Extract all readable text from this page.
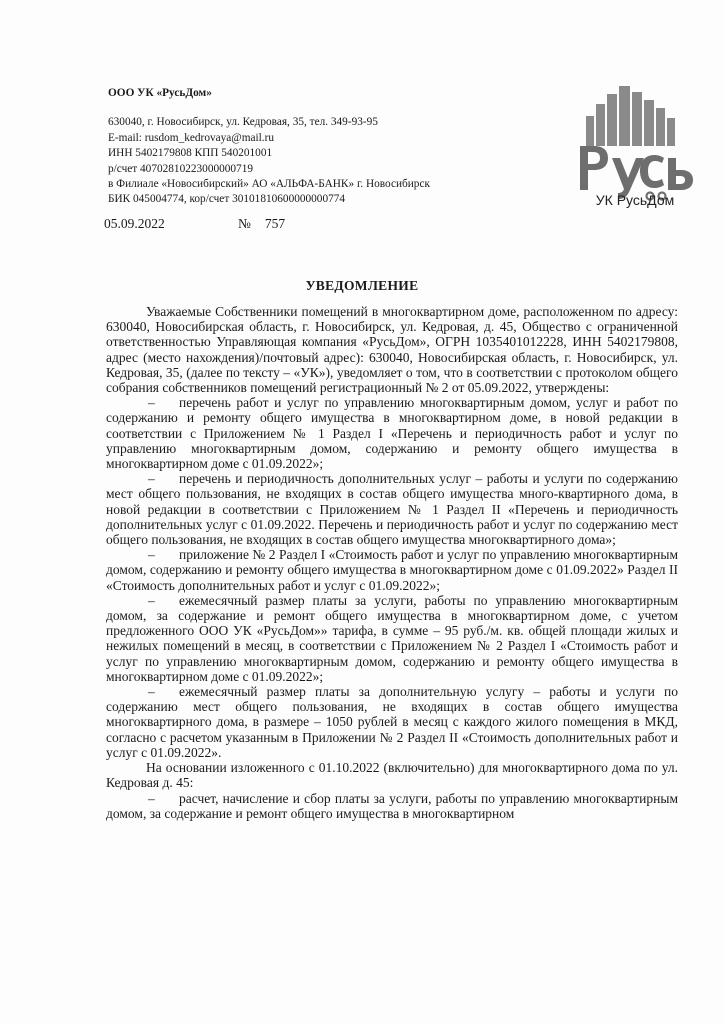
ООО УК «РусьДом»
630040, г. Новосибирск, ул. Кедровая, 35, тел. 349-93-95
E-mail: rusdom_kedrovaya@mail.ru
ИНН 5402179808 КПП 540201001
р/счет 40702810223000000719
в Филиале «Новосибирский» АО «АЛЬФА-БАНК» г. Новосибирск
БИК 045004774, кор/счет 30101810600000000774	УК РусьДом
05.09.2022	№ 757
УВЕДОМЛЕНИЕ

Уважаемые Собственники помещений в многоквартирном доме, расположенном по адресу: 630040, Новосибирская область, г. Новосибирск, ул. Кедровая, д. 45, Общество с ограниченной ответственностью Управляющая компания «РусьДом», ОГРН 1035401012228, ИНН 5402179808, адрес (место нахождения)/почтовый адрес): 630040, Новосибирская область, г. Новосибирск, ул. Кедровая, 35, (далее по тексту – «УК»), уведомляет о том, что в соответствии с протоколом общего собрания собственников помещений регистрационный № 2 от 05.09.2022, утверждены:

– перечень работ и услуг по управлению многоквартирным домом, услуг и работ по содержанию и ремонту общего имущества в многоквартирном доме, в новой редакции в соответствии с Приложением № 1 Раздел I «Перечень и периодичность работ и услуг по управлению многоквартирным домом, содержанию и ремонту общего имущества в многоквартирном доме с 01.09.2022»;

– перечень и периодичность дополнительных услуг – работы и услуги по содержанию мест общего пользования, не входящих в состав общего имущества много-квартирного дома, в новой редакции в соответствии с Приложением № 1 Раздел II «Перечень и периодичность дополнительных услуг с 01.09.2022. Перечень и периодичность работ и услуг по содержанию мест общего пользования, не входящих в состав общего имущества многоквартирного дома»;

– приложение № 2 Раздел I «Стоимость работ и услуг по управлению многоквартирным домом, содержанию и ремонту общего имущества в многоквартирном доме с 01.09.2022» Раздел II «Стоимость дополнительных работ и услуг с 01.09.2022»;

– ежемесячный размер платы за услуги, работы по управлению многоквартирным домом, за содержание и ремонт общего имущества в многоквартирном доме, с учетом предложенного ООО УК «РусьДом»» тарифа, в сумме – 95 руб./м. кв. общей площади жилых и нежилых помещений в месяц, в соответствии с Приложением № 2 Раздел I «Стоимость работ и услуг по управлению многоквартирным домом, содержанию и ремонту общего имущества в многоквартирном доме с 01.09.2022»;

– ежемесячный размер платы за дополнительную услугу – работы и услуги по содержанию мест общего пользования, не входящих в состав общего имущества многоквартирного дома, в размере – 1050 рублей в месяц с каждого жилого помещения в МКД, согласно с расчетом указанным в Приложении № 2 Раздел II «Стоимость дополнительных работ и услуг с 01.09.2022».

На основании изложенного с 01.10.2022 (включительно) для многоквартирного дома по ул. Кедровая д. 45:

– расчет, начисление и сбор платы за услуги, работы по управлению многоквартирным домом, за содержание и ремонт общего имущества в многоквартирном
